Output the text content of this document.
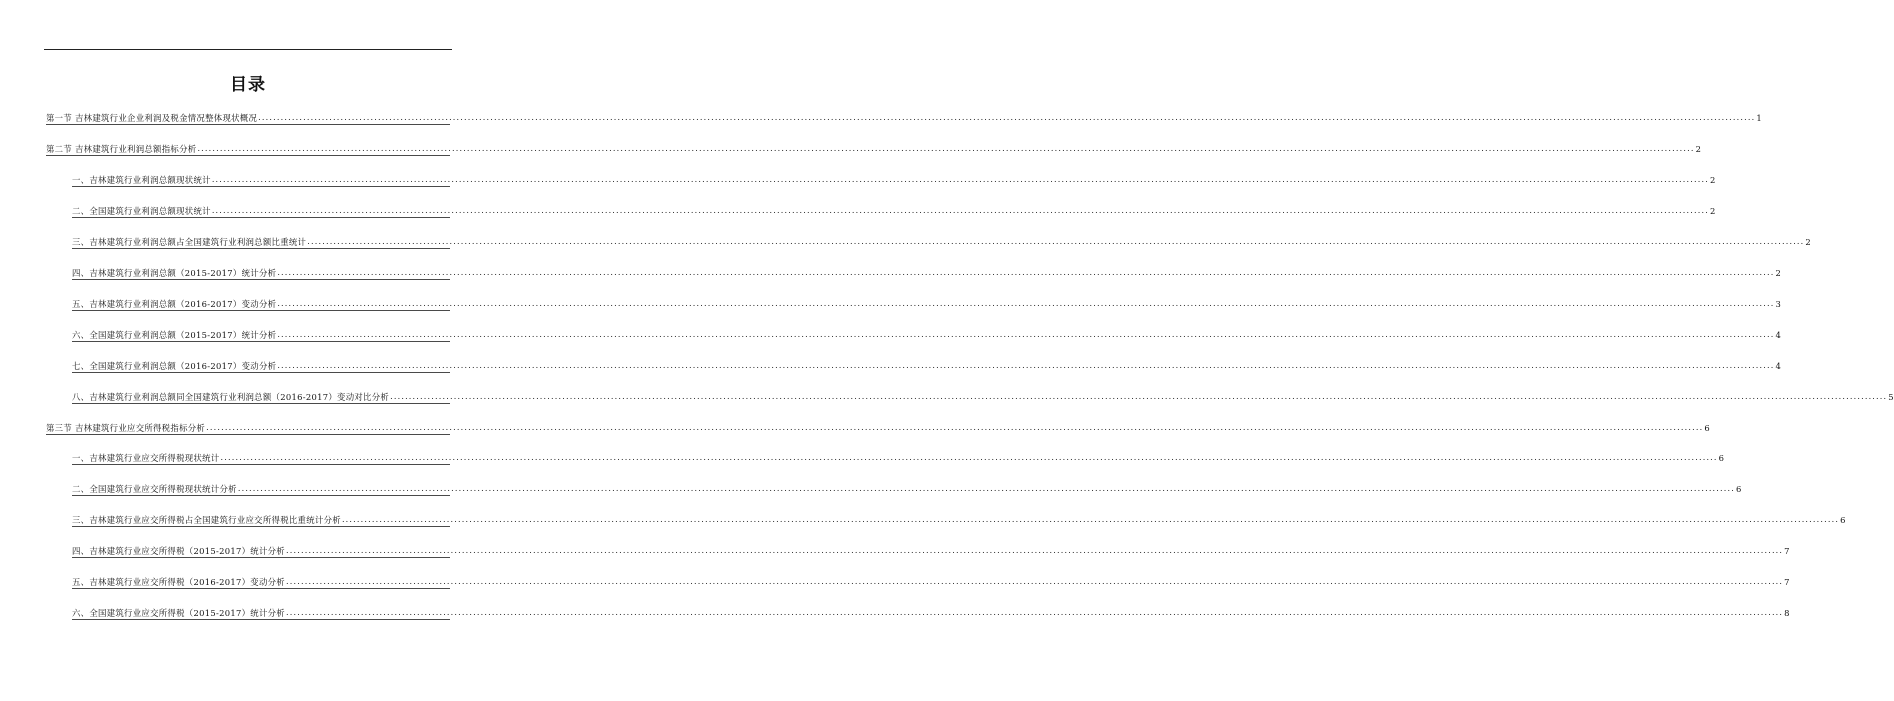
目录
第一节 吉林建筑行业企业利润及税金情况整体现状概况 ................................................................................................................................................................................................................................................................................................................................................................................................................ 1
第二节 吉林建筑行业利润总额指标分析 ................................................................................................................................................................................................................................................................................................................................................................................................................ 2
一、吉林建筑行业利润总额现状统计 ................................................................................................................................................................................................................................................................................................................................................................................................................ 2
二、全国建筑行业利润总额现状统计 ................................................................................................................................................................................................................................................................................................................................................................................................................ 2
三、吉林建筑行业利润总额占全国建筑行业利润总额比重统计 ................................................................................................................................................................................................................................................................................................................................................................................................................ 2
四、吉林建筑行业利润总额（2015-2017）统计分析 ................................................................................................................................................................................................................................................................................................................................................................................................................ 2
五、吉林建筑行业利润总额（2016-2017）变动分析 ................................................................................................................................................................................................................................................................................................................................................................................................................ 3
六、全国建筑行业利润总额（2015-2017）统计分析 ................................................................................................................................................................................................................................................................................................................................................................................................................ 4
七、全国建筑行业利润总额（2016-2017）变动分析 ................................................................................................................................................................................................................................................................................................................................................................................................................ 4
八、吉林建筑行业利润总额同全国建筑行业利润总额（2016-2017）变动对比分析 ................................................................................................................................................................................................................................................................................................................................................................................................................ 5
第三节 吉林建筑行业应交所得税指标分析 ................................................................................................................................................................................................................................................................................................................................................................................................................ 6
一、吉林建筑行业应交所得税现状统计 ................................................................................................................................................................................................................................................................................................................................................................................................................ 6
二、全国建筑行业应交所得税现状统计分析 ................................................................................................................................................................................................................................................................................................................................................................................................................ 6
三、吉林建筑行业应交所得税占全国建筑行业应交所得税比重统计分析 ................................................................................................................................................................................................................................................................................................................................................................................................................ 6
四、吉林建筑行业应交所得税（2015-2017）统计分析 ................................................................................................................................................................................................................................................................................................................................................................................................................ 7
五、吉林建筑行业应交所得税（2016-2017）变动分析 ................................................................................................................................................................................................................................................................................................................................................................................................................ 7
六、全国建筑行业应交所得税（2015-2017）统计分析 ................................................................................................................................................................................................................................................................................................................................................................................................................ 8
